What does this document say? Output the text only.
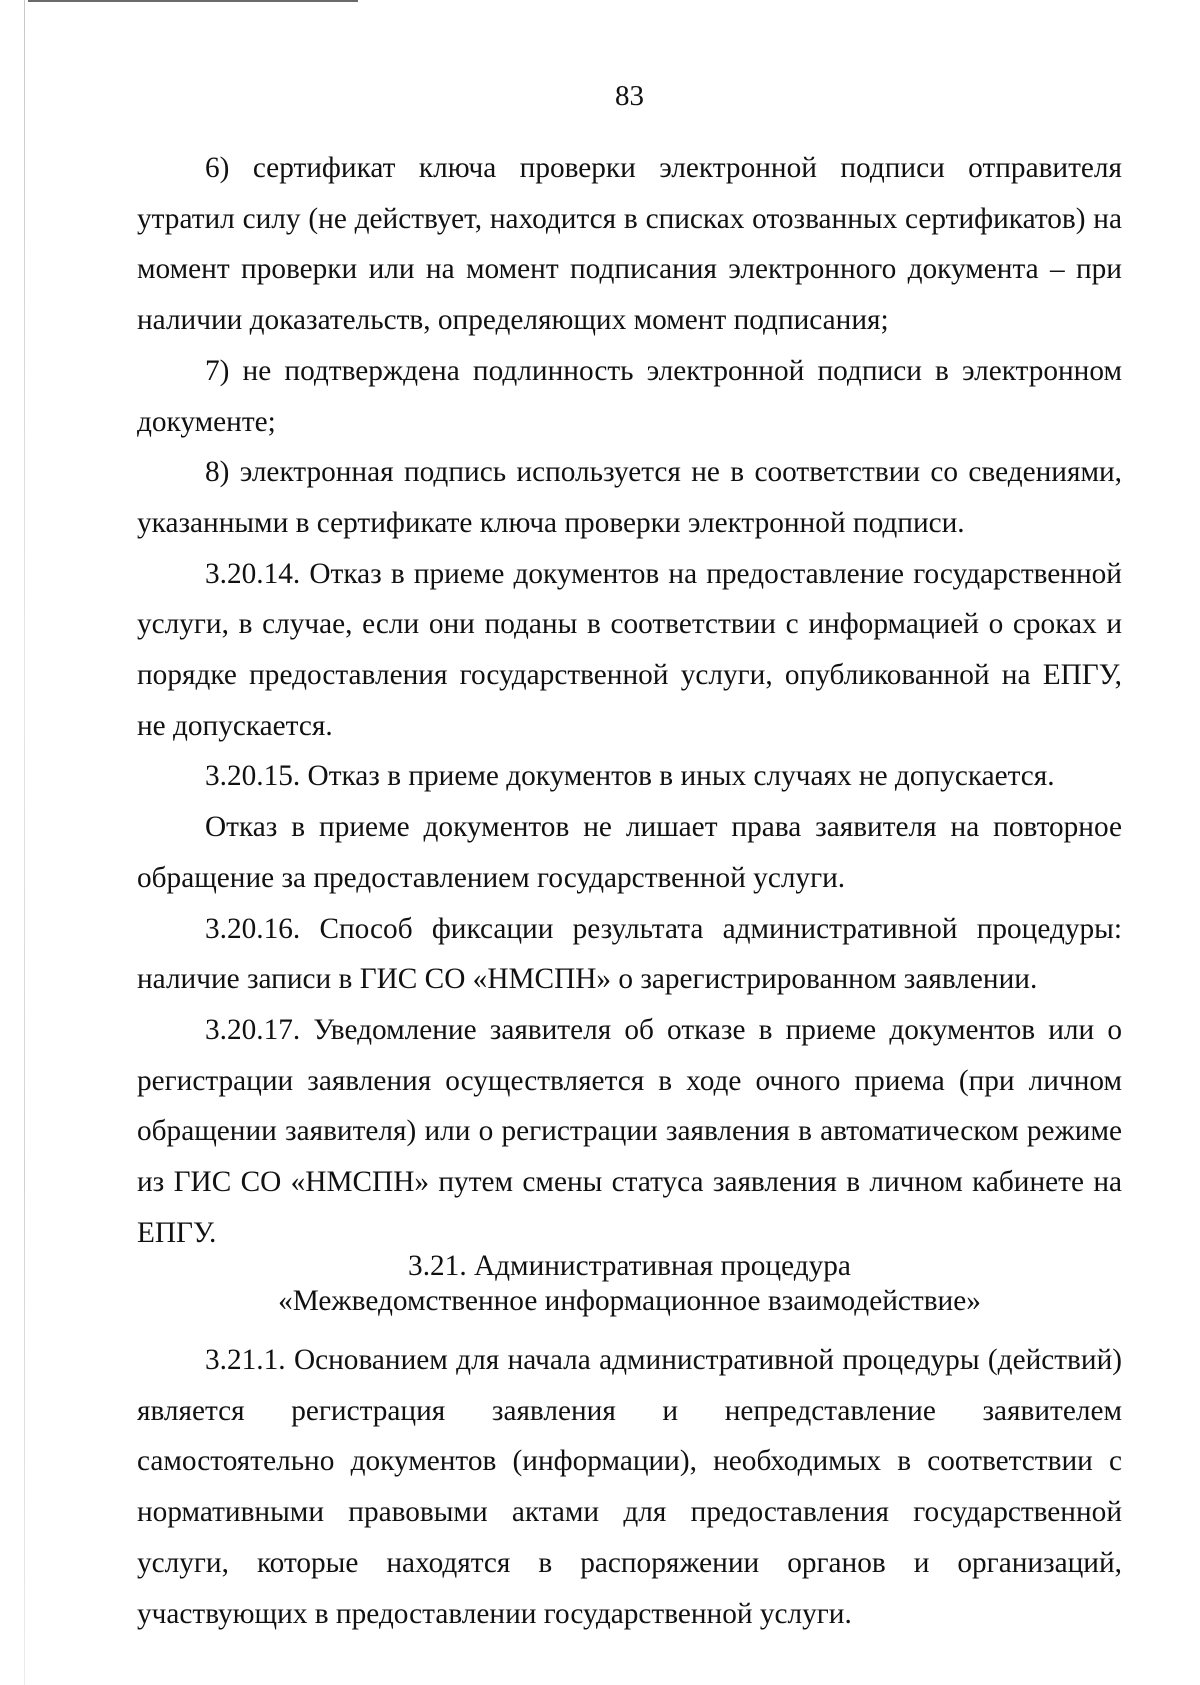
83

6) сертификат ключа проверки электронной подписи отправителя утратил силу (не действует, находится в списках отозванных сертификатов) на момент проверки или на момент подписания электронного документа – при наличии доказательств, определяющих момент подписания;

7) не подтверждена подлинность электронной подписи в электронном документе;

8) электронная подпись используется не в соответствии со сведениями, указанными в сертификате ключа проверки электронной подписи.

3.20.14. Отказ в приеме документов на предоставление государственной услуги, в случае, если они поданы в соответствии с информацией о сроках и порядке предоставления государственной услуги, опубликованной на ЕПГУ, не допускается.

3.20.15. Отказ в приеме документов в иных случаях не допускается.

Отказ в приеме документов не лишает права заявителя на повторное обращение за предоставлением государственной услуги.

3.20.16. Способ фиксации результата административной процедуры: наличие записи в ГИС СО «НМСПН» о зарегистрированном заявлении.

3.20.17. Уведомление заявителя об отказе в приеме документов или о регистрации заявления осуществляется в ходе очного приема (при личном обращении заявителя) или о регистрации заявления в автоматическом режиме из ГИС СО «НМСПН» путем смены статуса заявления в личном кабинете на ЕПГУ.

3.21. Административная процедура
«Межведомственное информационное взаимодействие»

3.21.1. Основанием для начала административной процедуры (действий) является регистрация заявления и непредставление заявителем самостоятельно документов (информации), необходимых в соответствии с нормативными правовыми актами для предоставления государственной услуги, которые находятся в распоряжении органов и организаций, участвующих в предоставлении государственной услуги.
